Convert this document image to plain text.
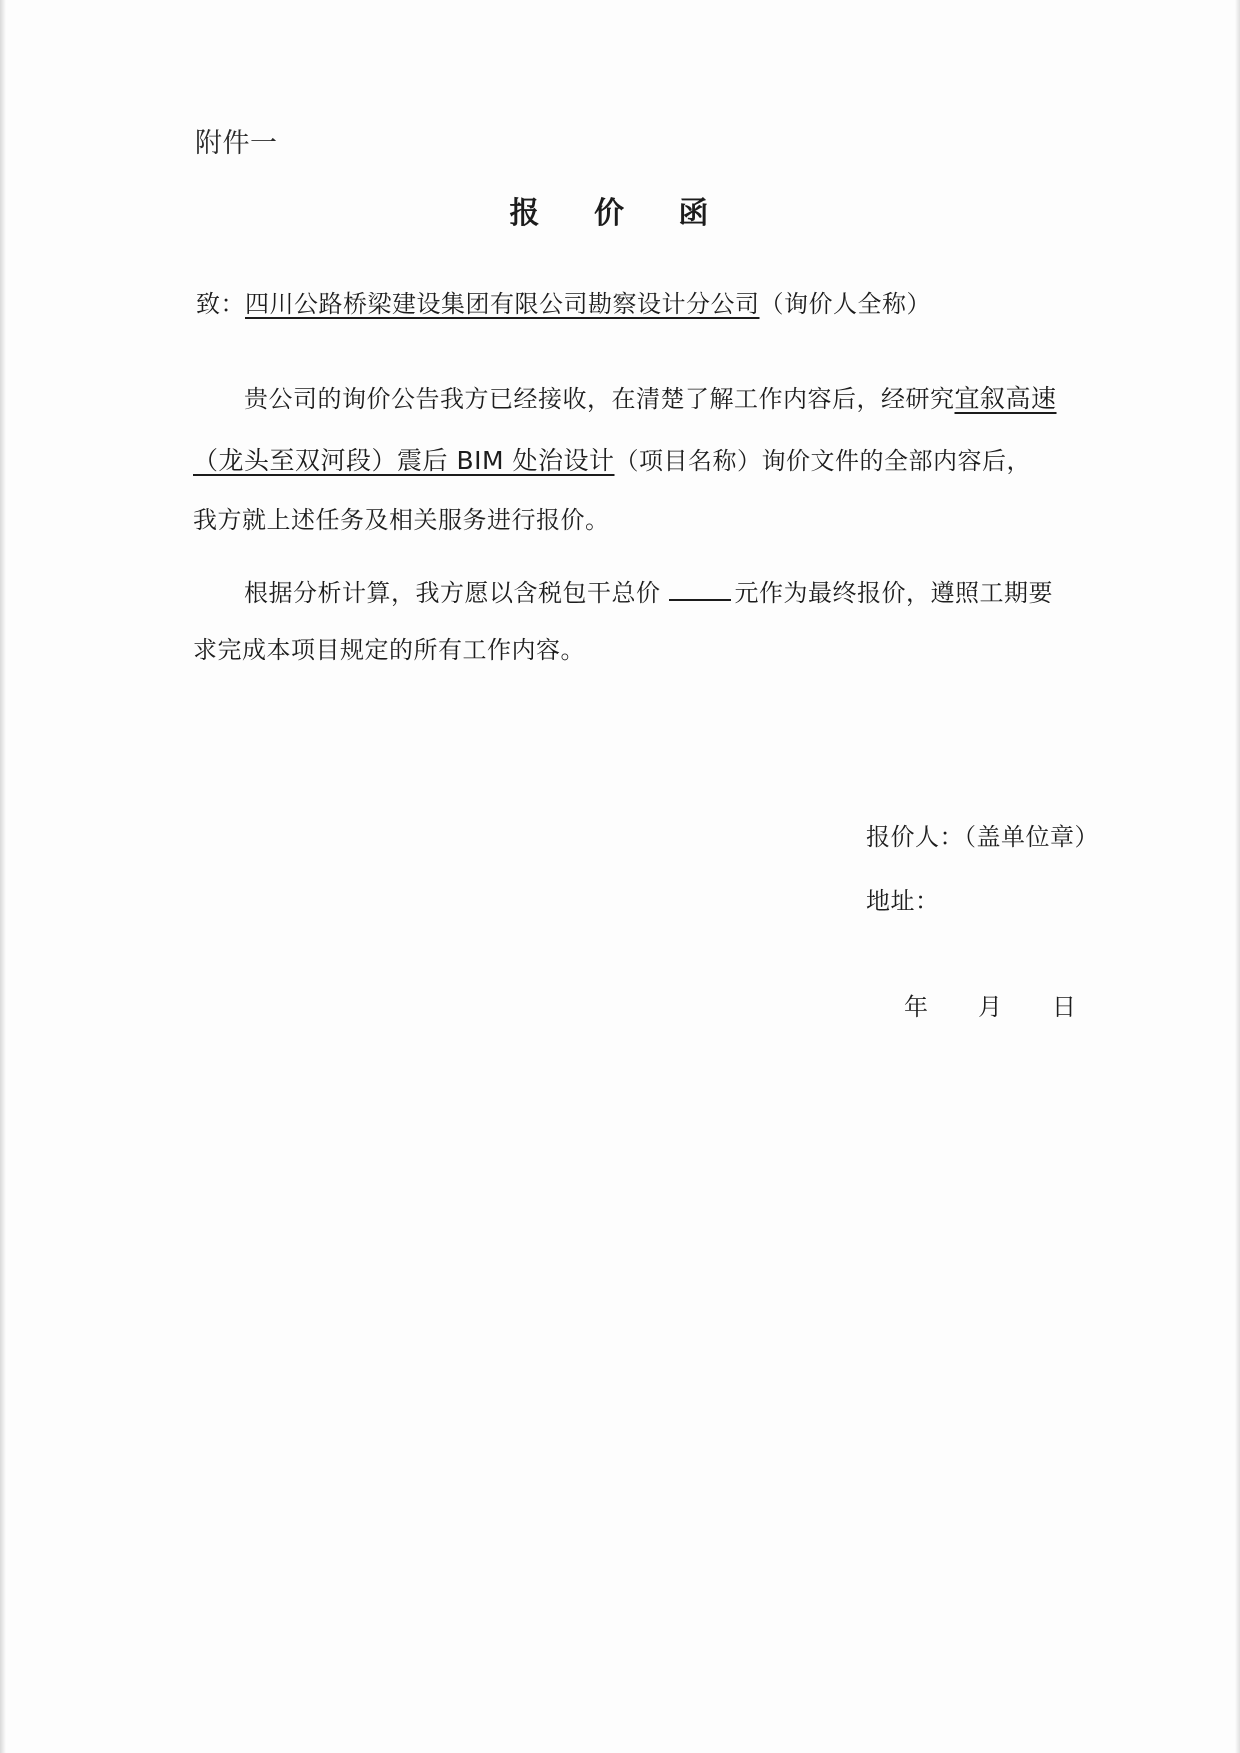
附件一
报 价 函
致：四川公路桥梁建设集团有限公司勘察设计分公司（询价人全称）
贵公司的询价公告我方已经接收，在清楚了解工作内容后，经研究宜叙高速
（龙头至双河段）震后 BIM 处治设计（项目名称）询价文件的全部内容后，
我方就上述任务及相关服务进行报价。
根据分析计算，我方愿以含税包干总价	元作为最终报价，遵照工期要
求完成本项目规定的所有工作内容。
报价人：（盖单位章）
地址：
年 月 日
